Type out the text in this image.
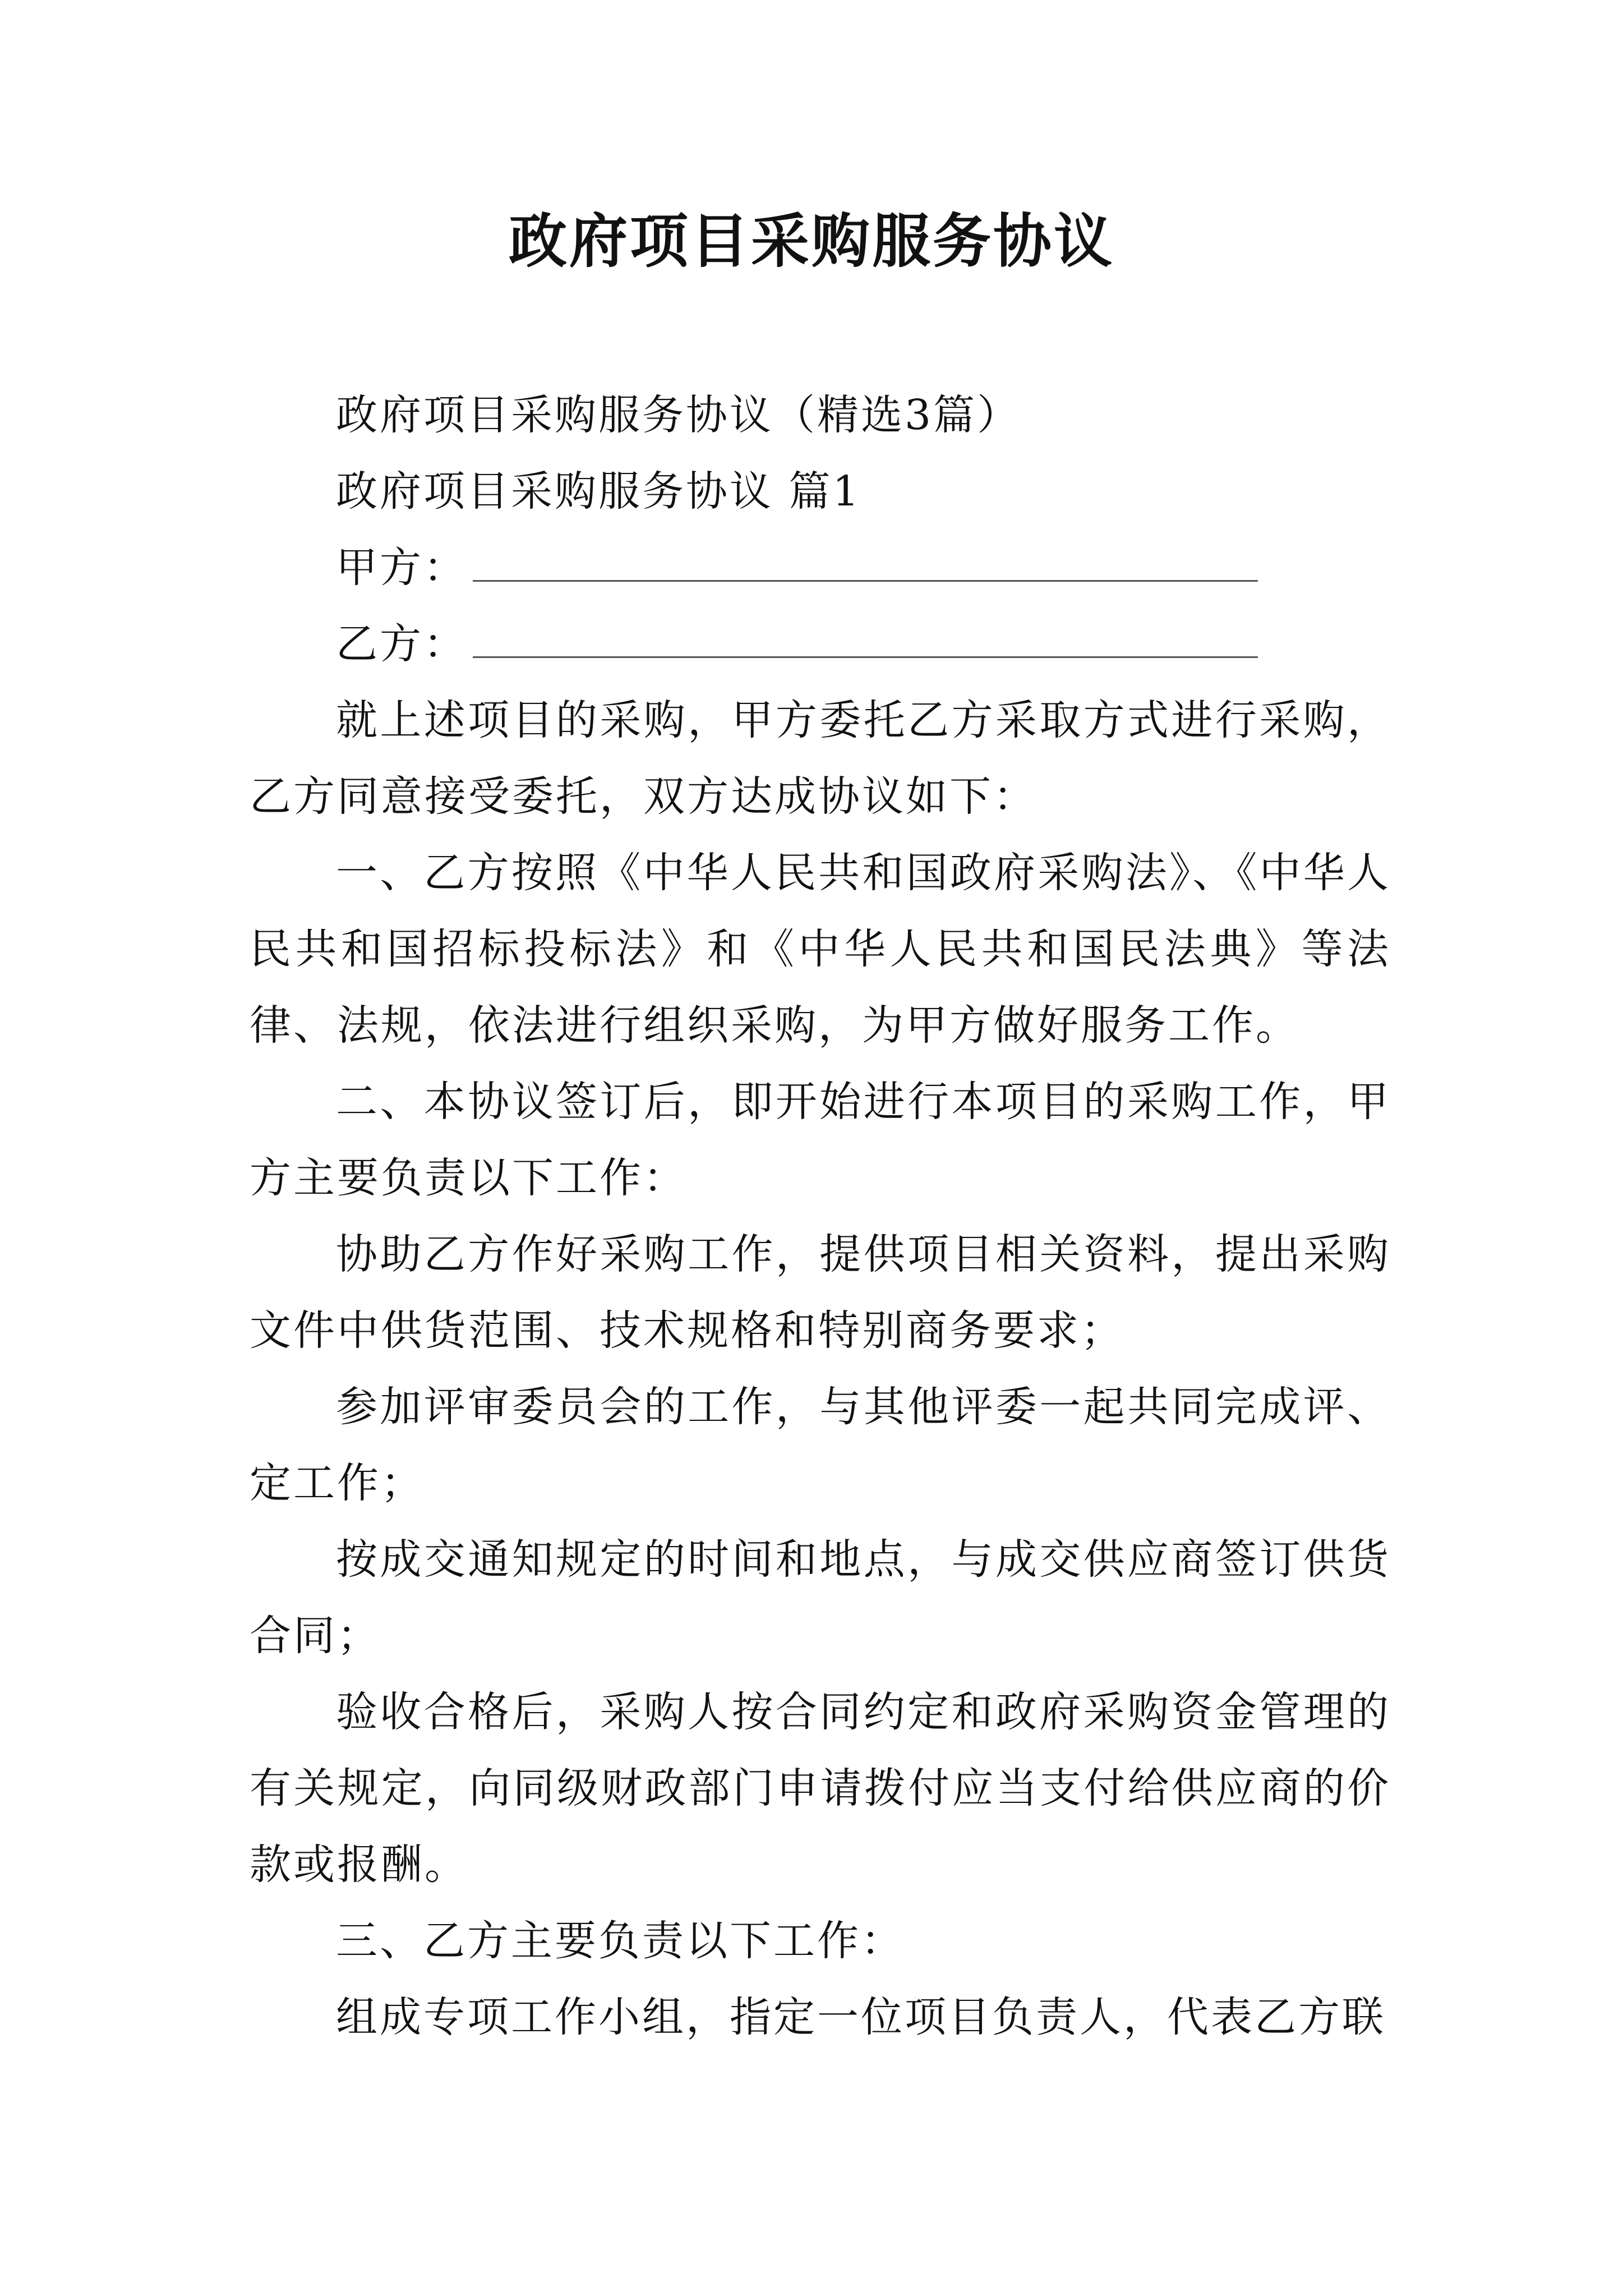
政府项目采购服务协议

政府项目采购服务协议（精选3篇）

政府项目采购服务协议 篇1

甲方：
乙方：

就上述项目的采购，甲方委托乙方采取方式进行采购，乙方同意接受委托，双方达成协议如下：

一、乙方按照《中华人民共和国政府采购法》、《中华人民共和国招标投标法》和《中华人民共和国民法典》等法律、法规，依法进行组织采购，为甲方做好服务工作。

二、本协议签订后，即开始进行本项目的采购工作，甲方主要负责以下工作：

协助乙方作好采购工作，提供项目相关资料，提出采购文件中供货范围、技术规格和特别商务要求；

参加评审委员会的工作，与其他评委一起共同完成评、定工作；

按成交通知规定的时间和地点，与成交供应商签订供货合同；

验收合格后，采购人按合同约定和政府采购资金管理的有关规定，向同级财政部门申请拨付应当支付给供应商的价款或报酬。

三、乙方主要负责以下工作：

组成专项工作小组，指定一位项目负责人，代表乙方联
